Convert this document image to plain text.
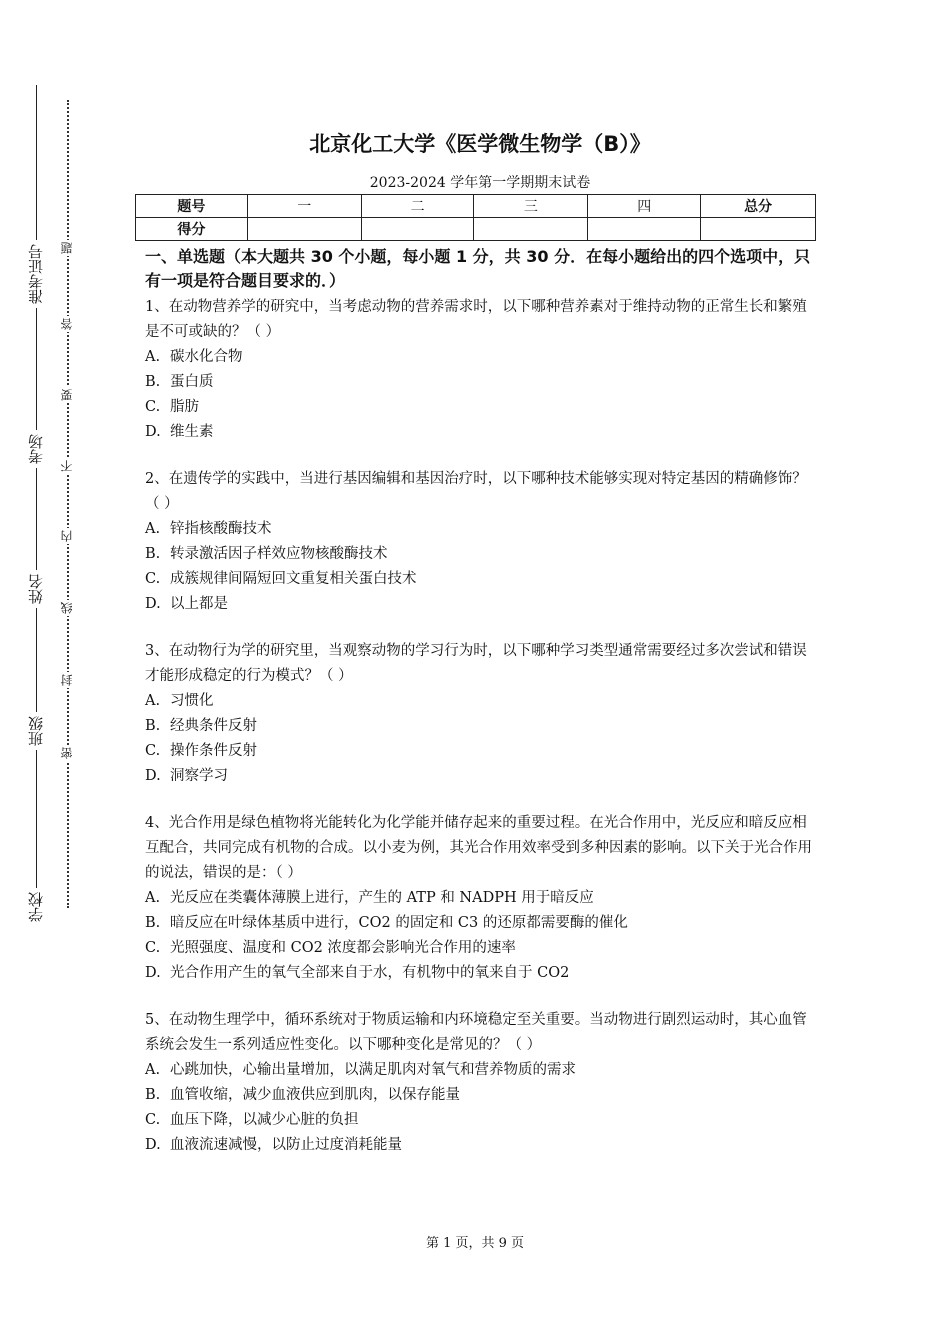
准考证号
考场
姓名
班级
学校
题
答
要
不
内
线
封
密
北京化工大学《医学微生物学（B）》
2023-2024 学年第一学期期末试卷
题号	一	二	三	四	总分
得分					
一、单选题（本大题共 30 个小题，每小题 1 分，共 30 分．在每小题给出的四个选项中，只有一项是符合题目要求的．）
1、在动物营养学的研究中，当考虑动物的营养需求时，以下哪种营养素对于维持动物的正常生长和繁殖是不可或缺的？（ ）
A. 碳水化合物
B. 蛋白质
C. 脂肪
D. 维生素
2、在遗传学的实践中，当进行基因编辑和基因治疗时，以下哪种技术能够实现对特定基因的精确修饰？（ ）
A. 锌指核酸酶技术
B. 转录激活因子样效应物核酸酶技术
C. 成簇规律间隔短回文重复相关蛋白技术
D. 以上都是
3、在动物行为学的研究里，当观察动物的学习行为时，以下哪种学习类型通常需要经过多次尝试和错误才能形成稳定的行为模式？（ ）
A. 习惯化
B. 经典条件反射
C. 操作条件反射
D. 洞察学习
4、光合作用是绿色植物将光能转化为化学能并储存起来的重要过程。在光合作用中，光反应和暗反应相互配合，共同完成有机物的合成。以小麦为例，其光合作用效率受到多种因素的影响。以下关于光合作用的说法，错误的是：（ ）
A. 光反应在类囊体薄膜上进行，产生的 ATP 和 NADPH 用于暗反应
B. 暗反应在叶绿体基质中进行，CO2 的固定和 C3 的还原都需要酶的催化
C. 光照强度、温度和 CO2 浓度都会影响光合作用的速率
D. 光合作用产生的氧气全部来自于水，有机物中的氧来自于 CO2
5、在动物生理学中，循环系统对于物质运输和内环境稳定至关重要。当动物进行剧烈运动时，其心血管系统会发生一系列适应性变化。以下哪种变化是常见的？（ ）
A. 心跳加快，心输出量增加，以满足肌肉对氧气和营养物质的需求
B. 血管收缩，减少血液供应到肌肉，以保存能量
C. 血压下降，以减少心脏的负担
D. 血液流速减慢，以防止过度消耗能量
第 1 页，共 9 页
